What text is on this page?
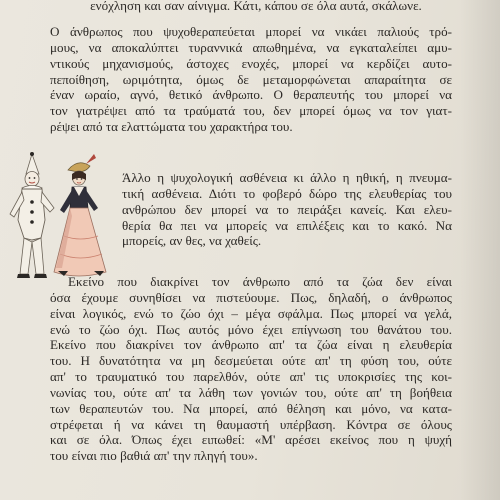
ενόχληση και σαν αίνιγμα. Κάτι, κάπου σε όλα αυτά, σκάλωνε.
Ο άνθρωπος που ψυχοθεραπεύεται μπορεί να νικάει παλιούς τρό-
μους, να αποκαλύπτει τυραννικά απωθημένα, να εγκαταλείπει αμυ-
ντικούς μηχανισμούς, άστοχες ενοχές, μπορεί να κερδίζει αυτο-
πεποίθηση, ωριμότητα, όμως δε μεταμορφώνεται απαραίτητα σε
έναν ωραίο, αγνό, θετικό άνθρωπο. Ο θεραπευτής του μπορεί να
τον γιατρέψει από τα τραύματά του, δεν μπορεί όμως να τον γιατ-
ρέψει από τα ελαττώματα του χαρακτήρα του.
Άλλο η ψυχολογική ασθένεια κι άλλο η ηθική, η πνευμα-
τική ασθένεια. Διότι το φοβερό δώρο της ελευθερίας του
ανθρώπου δεν μπορεί να το πειράξει κανείς. Και ελευ-
θερία θα πει να μπορείς να επιλέξεις και το κακό. Να
μπορείς, αν θες, να χαθείς.
Εκείνο που διακρίνει τον άνθρωπο από τα ζώα δεν είναι
όσα έχουμε συνηθίσει να πιστεύουμε. Πως, δηλαδή, ο άνθρωπος
είναι λογικός, ενώ το ζώο όχι – μέγα σφάλμα. Πως μπορεί να γελά,
ενώ το ζώο όχι. Πως αυτός μόνο έχει επίγνωση του θανάτου του.
Εκείνο που διακρίνει τον άνθρωπο απ' τα ζώα είναι η ελευθερία
του. Η δυνατότητα να μη δεσμεύεται ούτε απ' τη φύση του, ούτε
απ' το τραυματικό του παρελθόν, ούτε απ' τις υποκρισίες της κοι-
νωνίας του, ούτε απ' τα λάθη των γονιών του, ούτε απ' τη βοήθεια
των θεραπευτών του. Να μπορεί, από θέληση και μόνο, να κατα-
στρέφεται ή να κάνει τη θαυμαστή υπέρβαση. Κόντρα σε όλους
και σε όλα. Όπως έχει ειπωθεί: «Μ' αρέσει εκείνος που η ψυχή
του είναι πιο βαθιά απ' την πληγή του».
